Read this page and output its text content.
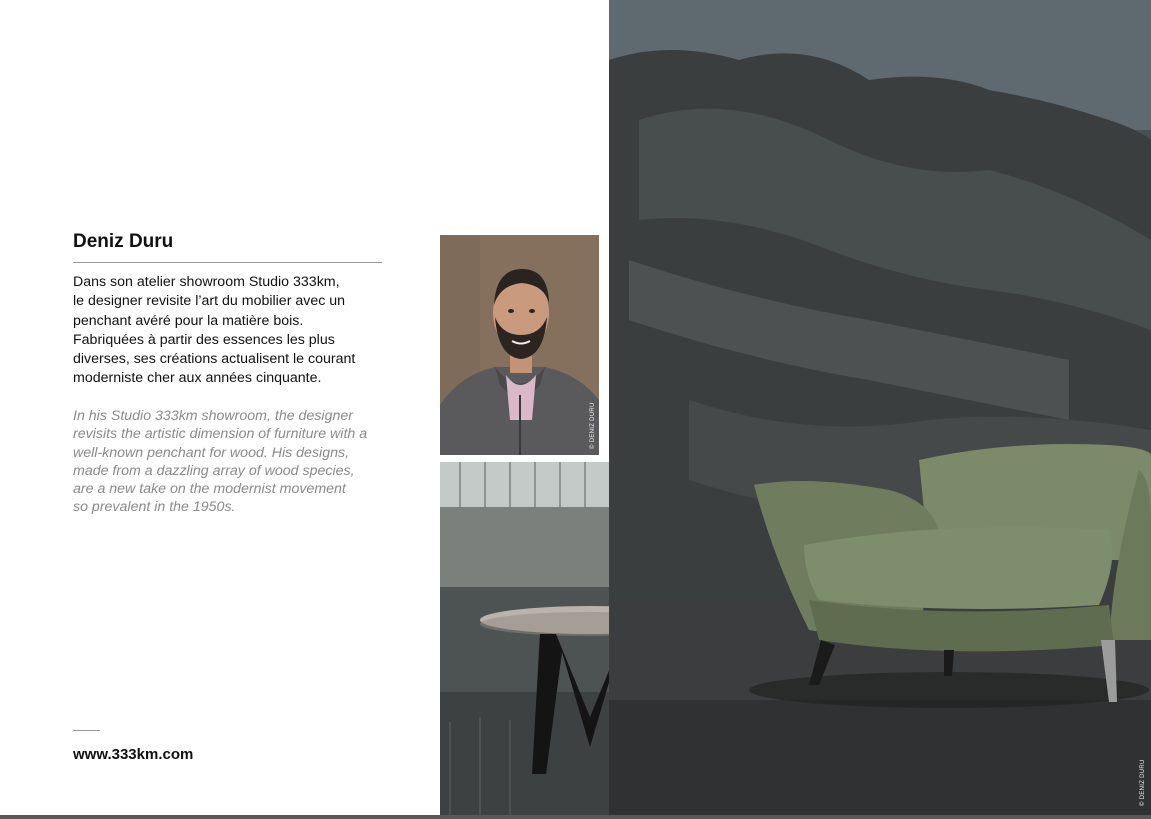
Deniz Duru

Dans son atelier showroom Studio 333km,
le designer revisite l’art du mobilier avec un
penchant avéré pour la matière bois.
Fabriquées à partir des essences les plus
diverses, ses créations actualisent le courant
moderniste cher aux années cinquante.

In his Studio 333km showroom, the designer
revisits the artistic dimension of furniture with a
well-known penchant for wood. His designs,
made from a dazzling array of wood species,
are a new take on the modernist movement
so prevalent in the 1950s.

www.333km.com
© DENIZ DURU
© DENIZ DURU
